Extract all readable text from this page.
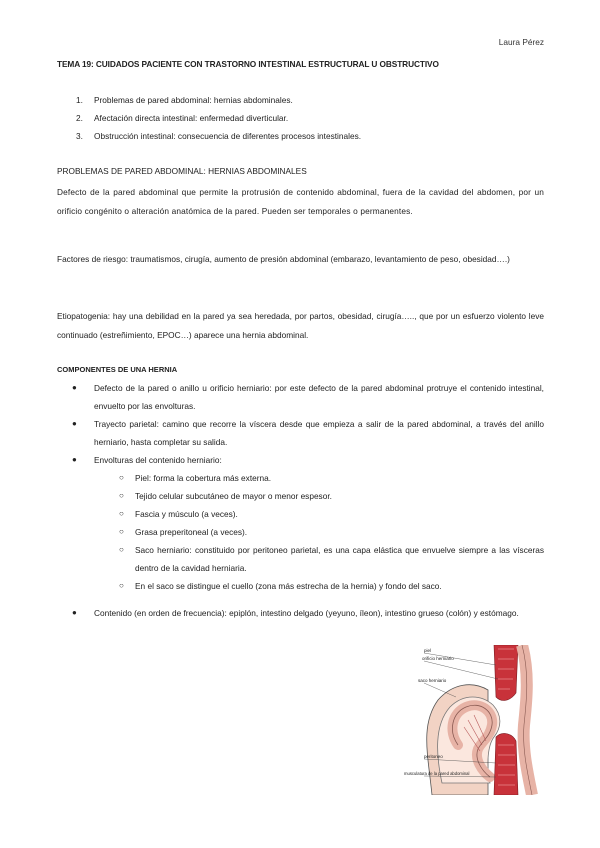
Laura Pérez
TEMA 19: CUIDADOS PACIENTE CON TRASTORNO INTESTINAL ESTRUCTURAL U OBSTRUCTIVO
1.	Problemas de pared abdominal: hernias abdominales.
2.	Afectación directa intestinal: enfermedad diverticular.
3.	Obstrucción intestinal: consecuencia de diferentes procesos intestinales.
PROBLEMAS DE PARED ABDOMINAL: HERNIAS ABDOMINALES

Defecto de la pared abdominal que permite la protrusión de contenido abdominal, fuera de la cavidad del abdomen, por un orificio congénito o alteración anatómica de la pared. Pueden ser temporales o permanentes.

Factores de riesgo: traumatismos, cirugía, aumento de presión abdominal (embarazo, levantamiento de peso, obesidad….)

Etiopatogenia: hay una debilidad en la pared ya sea heredada, por partos, obesidad, cirugía….., que por un esfuerzo violento leve continuado (estreñimiento, EPOC…) aparece una hernia abdominal.

COMPONENTES DE UNA HERNIA
● Defecto de la pared o anillo u orificio herniario: por este defecto de la pared abdominal protruye el contenido intestinal, envuelto por las envolturas.
● Trayecto parietal: camino que recorre la víscera desde que empieza a salir de la pared abdominal, a través del anillo herniario, hasta completar su salida.
● Envolturas del contenido herniario:
○ Piel: forma la cobertura más externa.
○ Tejido celular subcutáneo de mayor o menor espesor.
○ Fascia y músculo (a veces).
○ Grasa preperitoneal (a veces).
○ Saco herniario: constituido por peritoneo parietal, es una capa elástica que envuelve siempre a las vísceras dentro de la cavidad herniaria.
○ En el saco se distingue el cuello (zona más estrecha de la hernia) y fondo del saco.
● Contenido (en orden de frecuencia): epiplón, intestino delgado (yeyuno, íleon), intestino grueso (colón) y estómago.
piel
orificio herniario
saco herniario
peritoneo
musculatura de la pared abdominal
